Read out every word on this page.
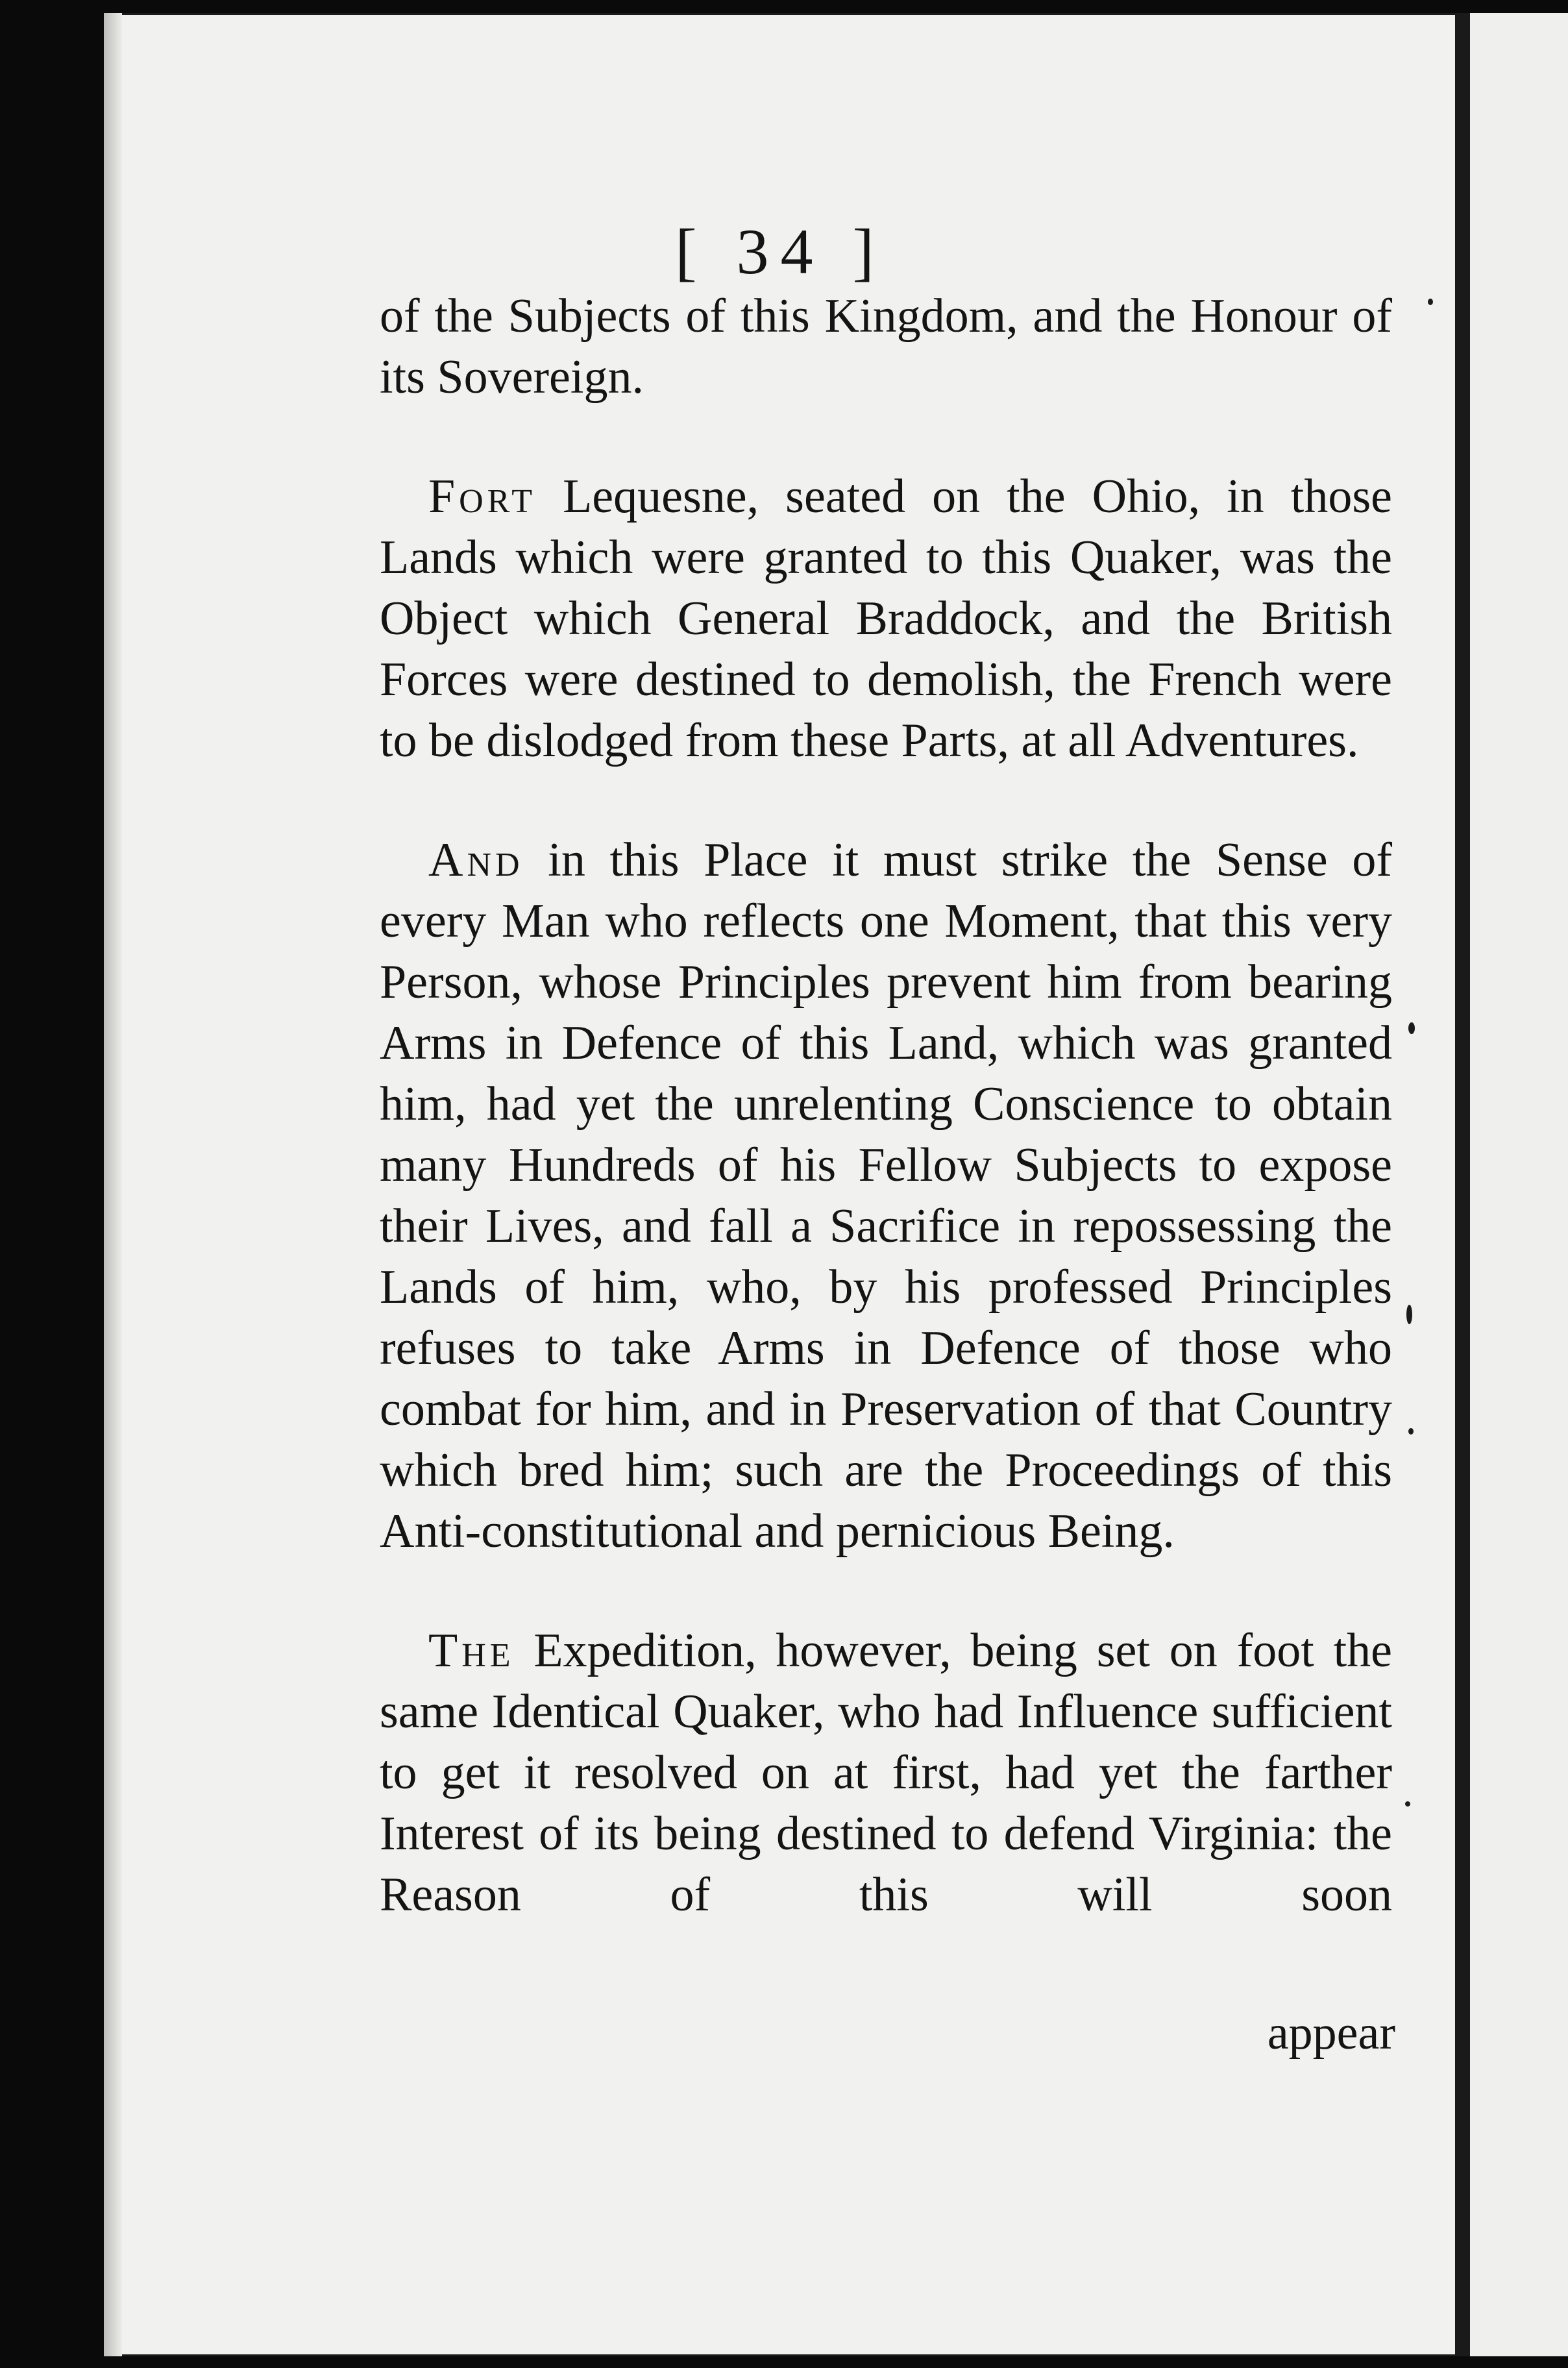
[ 34 ]

of the Subjects of this Kingdom, and the Honour of its Sovereign.

Fort Lequesne, seated on the Ohio, in those Lands which were granted to this Quaker, was the Object which General Braddock, and the British Forces were destined to demolish, the French were to be dislodged from these Parts, at all Adventures.

And in this Place it must strike the Sense of every Man who reflects one Moment, that this very Person, whose Principles prevent him from bearing Arms in Defence of this Land, which was granted him, had yet the unrelenting Conscience to obtain many Hundreds of his Fellow Subjects to expose their Lives, and fall a Sacrifice in repossessing the Lands of him, who, by his professed Principles refuses to take Arms in Defence of those who combat for him, and in Preservation of that Country which bred him; such are the Proceedings of this Anti-constitutional and pernicious Being.

The Expedition, however, being set on foot the same Identical Quaker, who had Influence sufficient to get it resolved on at first, had yet the farther Interest of its being destined to defend Virginia: the Reason of this will soon

appear
